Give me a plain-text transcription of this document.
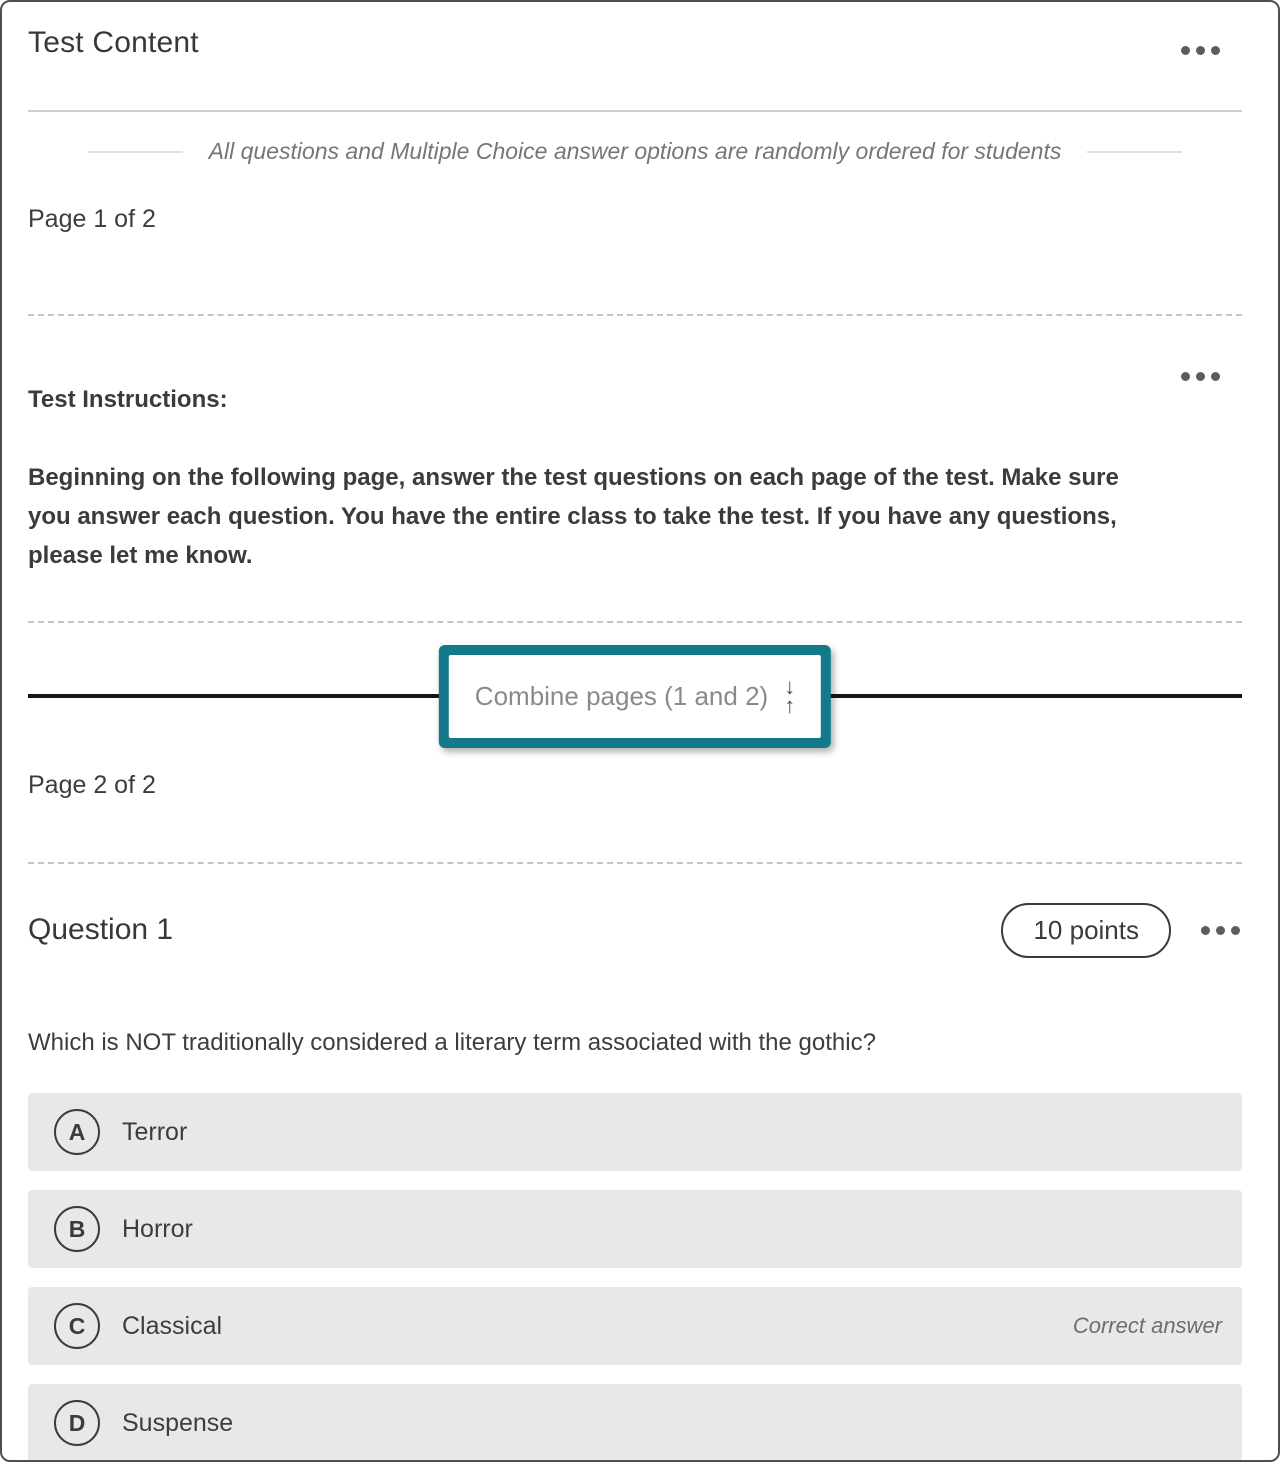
Test Content
All questions and Multiple Choice answer options are randomly ordered for students
Page 1 of 2
Test Instructions:

Beginning on the following page, answer the test questions on each page of the test. Make sure you answer each question. You have the entire class to take the test. If you have any questions, please let me know.

Combine pages (1 and 2) ↓
↑
Page 2 of 2
Question 1	10 points

Which is NOT traditionally considered a literary term associated with the gothic?

A	Terror
B	Horror
C	Classical	Correct answer
D	Suspense
